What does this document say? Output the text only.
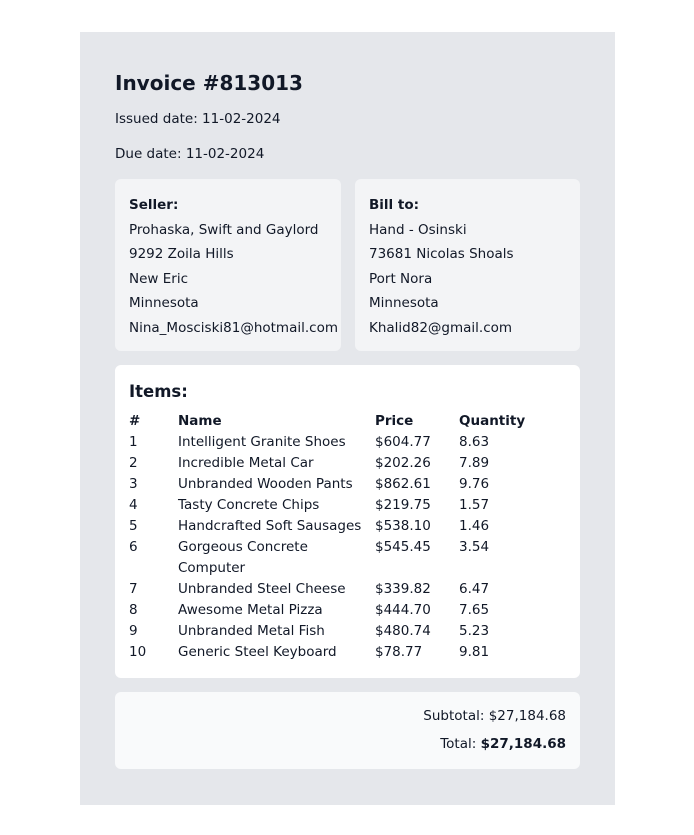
Invoice #813013
Issued date: 11-02-2024
Due date: 11-02-2024
Seller:
Prohaska, Swift and Gaylord
9292 Zoila Hills
New Eric
Minnesota
Nina_Mosciski81@hotmail.com
Bill to:
Hand - Osinski
73681 Nicolas Shoals
Port Nora
Minnesota
Khalid82@gmail.com
Items:
#	Name	Price	Quantity
1	Intelligent Granite Shoes	$604.77	8.63
2	Incredible Metal Car	$202.26	7.89
3	Unbranded Wooden Pants	$862.61	9.76
4	Tasty Concrete Chips	$219.75	1.57
5	Handcrafted Soft Sausages	$538.10	1.46
6	Gorgeous Concrete Computer	$545.45	3.54
7	Unbranded Steel Cheese	$339.82	6.47
8	Awesome Metal Pizza	$444.70	7.65
9	Unbranded Metal Fish	$480.74	5.23
10	Generic Steel Keyboard	$78.77	9.81
Subtotal: $27,184.68
Total: $27,184.68
